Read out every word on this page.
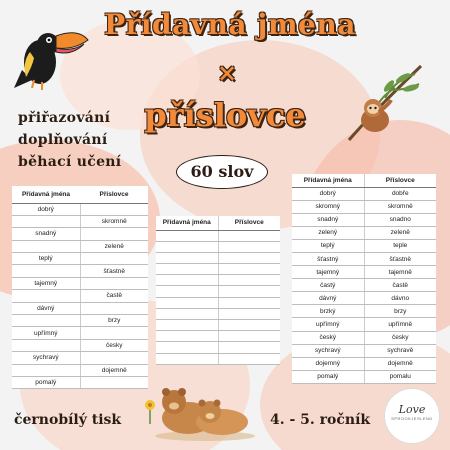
Přídavná jména
×
příslovce
přiřazování
doplňování
běhací učení	60 slov
Přídavná jména	Příslovce
dobrý	
	skromně
snadný	
	zeleně
teplý	
	šťastně
tajemný	
	častě
dávný	
	brzy
upřímný	
	česky
sychravý	
	dojemně
pomalý	
Přídavná jména	Příslovce

Přídavná jména	Příslovce
dobrý	dobře
skromný	skromně
snadný	snadno
zelený	zeleně
teplý	teple
šťastný	šťastně
tajemný	tajemně
častý	častě
dávný	dávno
brzký	brzy
upřímný	upřímně
český	česky
sychravý	sychravě
dojemný	dojemně
pomalý	pomalu
černobílý tisk	4. - 5. ročník
Love
SPROOKJESLEND
